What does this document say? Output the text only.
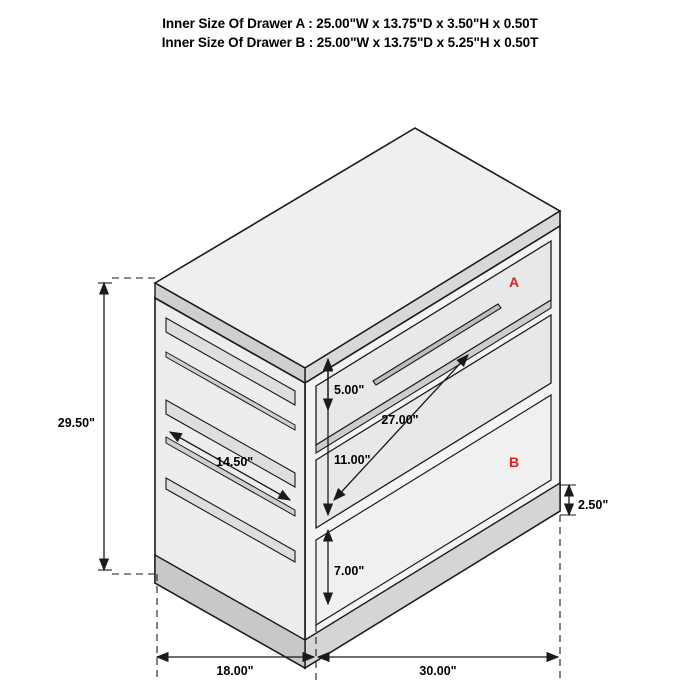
Inner Size Of Drawer A : 25.00"W x 13.75"D x 3.50"H x 0.50T
Inner Size Of Drawer B : 25.00"W x 13.75"D x 5.25"H x 0.50T
29.50"
14.50"
5.00"
11.00"
27.00"
7.00"
2.50"
18.00"	30.00"
A
B
